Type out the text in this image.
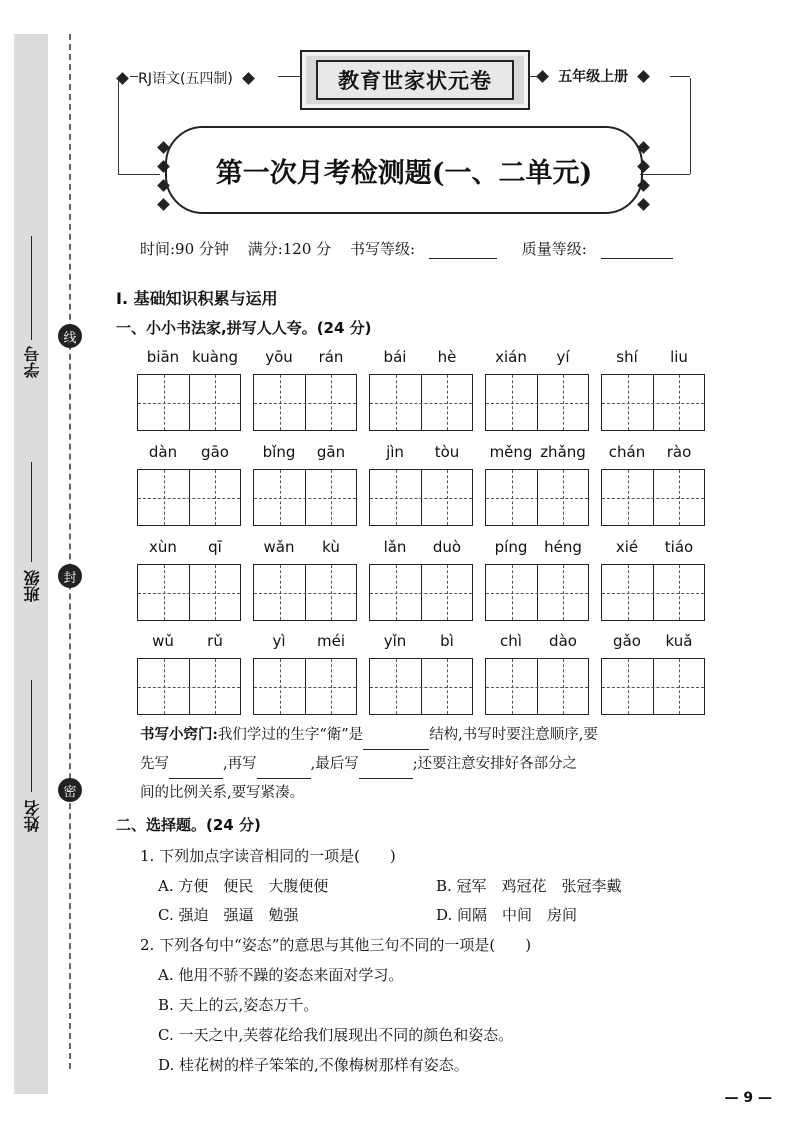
学号
班级
姓名
线
封
密
RJ语文(五四制)	教育世家状元卷	五年级上册
第一次月考检测题(一、二单元)
时间:90 分钟 满分:120 分 书写等级:	质量等级:
Ⅰ. 基础知识积累与运用
一、小小书法家,拼写人人夸。(24 分)
biān kuàng	yōu	rán	bái	hè	xián	yí	shí	liu
dàn	gāo	bǐng	gān	jìn	tòu	měng zhǎng	chán	rào
xùn	qī	wǎn	kù	lǎn	duò	píng	héng	xié	tiáo
wǔ	rǔ	yì	méi	yǐn	bì	chì	dào	gǎo	kuǎ
书写小窍门:我们学过的生字“衛”是	结构,书写时要注意顺序,要
先写	,再写	,最后写	;还要注意安排好各部分之
间的比例关系,要写紧凑。
二、选择题。(24 分)
1. 下列加点字读音相同的一项是(　　)
A. 方便　便民　大腹便便	B. 冠军　鸡冠花　张冠李戴
C. 强迫　强逼　勉强	D. 间隔　中间　房间
2. 下列各句中“姿态”的意思与其他三句不同的一项是(　　)
A. 他用不骄不躁的姿态来面对学习。
B. 天上的云,姿态万千。
C. 一天之中,芙蓉花给我们展现出不同的颜色和姿态。
D. 桂花树的样子笨笨的,不像梅树那样有姿态。
— 9 —
